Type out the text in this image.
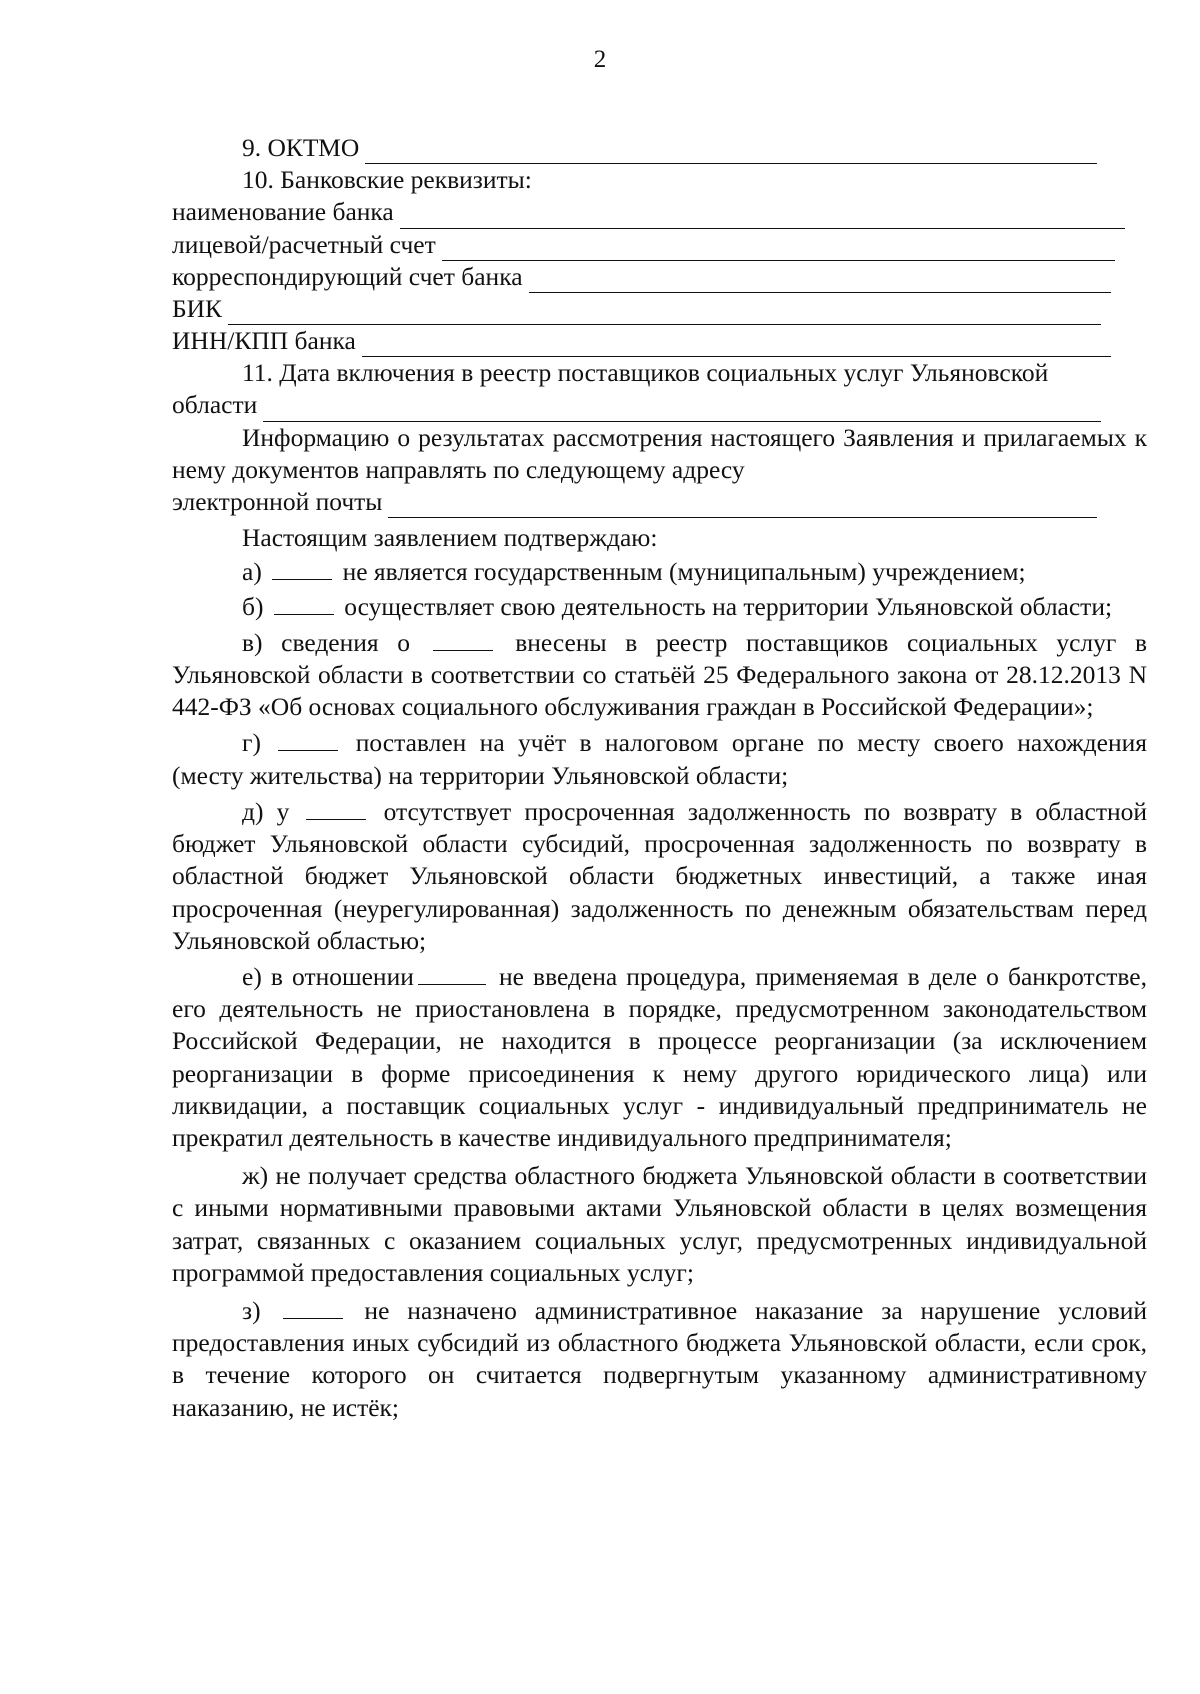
2
9. ОКТМО
10. Банковские реквизиты:
наименование банка
лицевой/расчетный счет
корреспондирующий счет банка
БИК
ИНН/КПП банка
11. Дата включения в реестр поставщиков социальных услуг Ульяновской
области

Информацию о результатах рассмотрения настоящего Заявления и прилагаемых к нему документов направлять по следующему адресу

электронной почты
Настоящим заявлением подтверждаю:

а)	не является государственным (муниципальным) учреждением;

б)	осуществляет свою деятельность на территории Ульяновской области;

в) сведения о	внесены в реестр поставщиков социальных услуг в Ульяновской области в соответствии со статьёй 25 Федерального закона от 28.12.2013 N 442-ФЗ «Об основах социального обслуживания граждан в Российской Федерации»;

г)	поставлен на учёт в налоговом органе по месту своего нахождения (месту жительства) на территории Ульяновской области;

д) у	отсутствует просроченная задолженность по возврату в областной бюджет Ульяновской области субсидий, просроченная задолженность по возврату в областной бюджет Ульяновской области бюджетных инвестиций, а также иная просроченная (неурегулированная) задолженность по денежным обязательствам перед Ульяновской областью;

е) в отношении	не введена процедура, применяемая в деле о банкротстве, его деятельность не приостановлена в порядке, предусмотренном законодательством Российской Федерации, не находится в процессе реорганизации (за исключением реорганизации в форме присоединения к нему другого юридического лица) или ликвидации, а поставщик социальных услуг - индивидуальный предприниматель не прекратил деятельность в качестве индивидуального предпринимателя;

ж) не получает средства областного бюджета Ульяновской области в соответствии с иными нормативными правовыми актами Ульяновской области в целях возмещения затрат, связанных с оказанием социальных услуг, предусмотренных индивидуальной программой предоставления социальных услуг;

з)	не назначено административное наказание за нарушение условий предоставления иных субсидий из областного бюджета Ульяновской области, если срок, в течение которого он считается подвергнутым указанному административному наказанию, не истёк;
